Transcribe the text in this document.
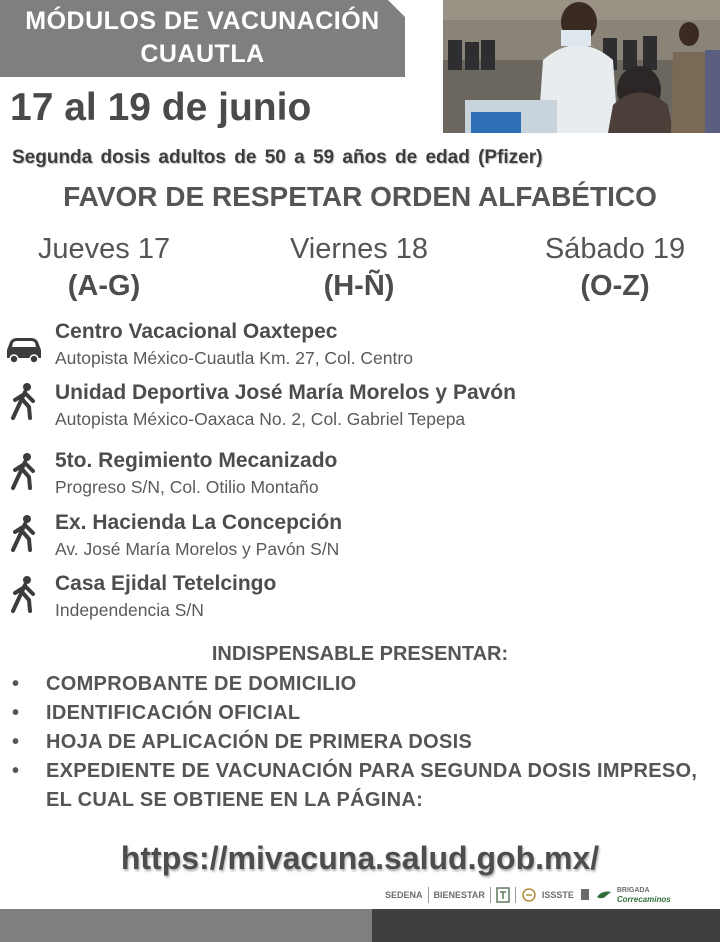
MÓDULOS DE VACUNACIÓN
CUAUTLA
17 al 19 de junio
Segunda dosis adultos de 50 a 59 años de edad (Pfizer)
FAVOR DE RESPETAR ORDEN ALFABÉTICO
Jueves 17
(A-G)
Viernes 18
(H-Ñ)
Sábado 19
(O-Z)
Centro Vacacional Oaxtepec
Autopista México-Cuautla Km. 27, Col. Centro
Unidad Deportiva José María Morelos y Pavón
Autopista México-Oaxaca No. 2, Col. Gabriel Tepepa
5to. Regimiento Mecanizado
Progreso S/N, Col. Otilio Montaño
Ex. Hacienda La Concepción
Av. José María Morelos y Pavón S/N
Casa Ejidal Tetelcingo
Independencia S/N
INDISPENSABLE PRESENTAR:
• COMPROBANTE DE DOMICILIO
• IDENTIFICACIÓN OFICIAL
• HOJA DE APLICACIÓN DE PRIMERA DOSIS
• EXPEDIENTE DE VACUNACIÓN PARA SEGUNDA DOSIS IMPRESO, EL CUAL SE OBTIENE EN LA PÁGINA:
https://mivacuna.salud.gob.mx/
SEDENA BIENESTAR	ISSSTE	BRIGADA
Correcaminos
